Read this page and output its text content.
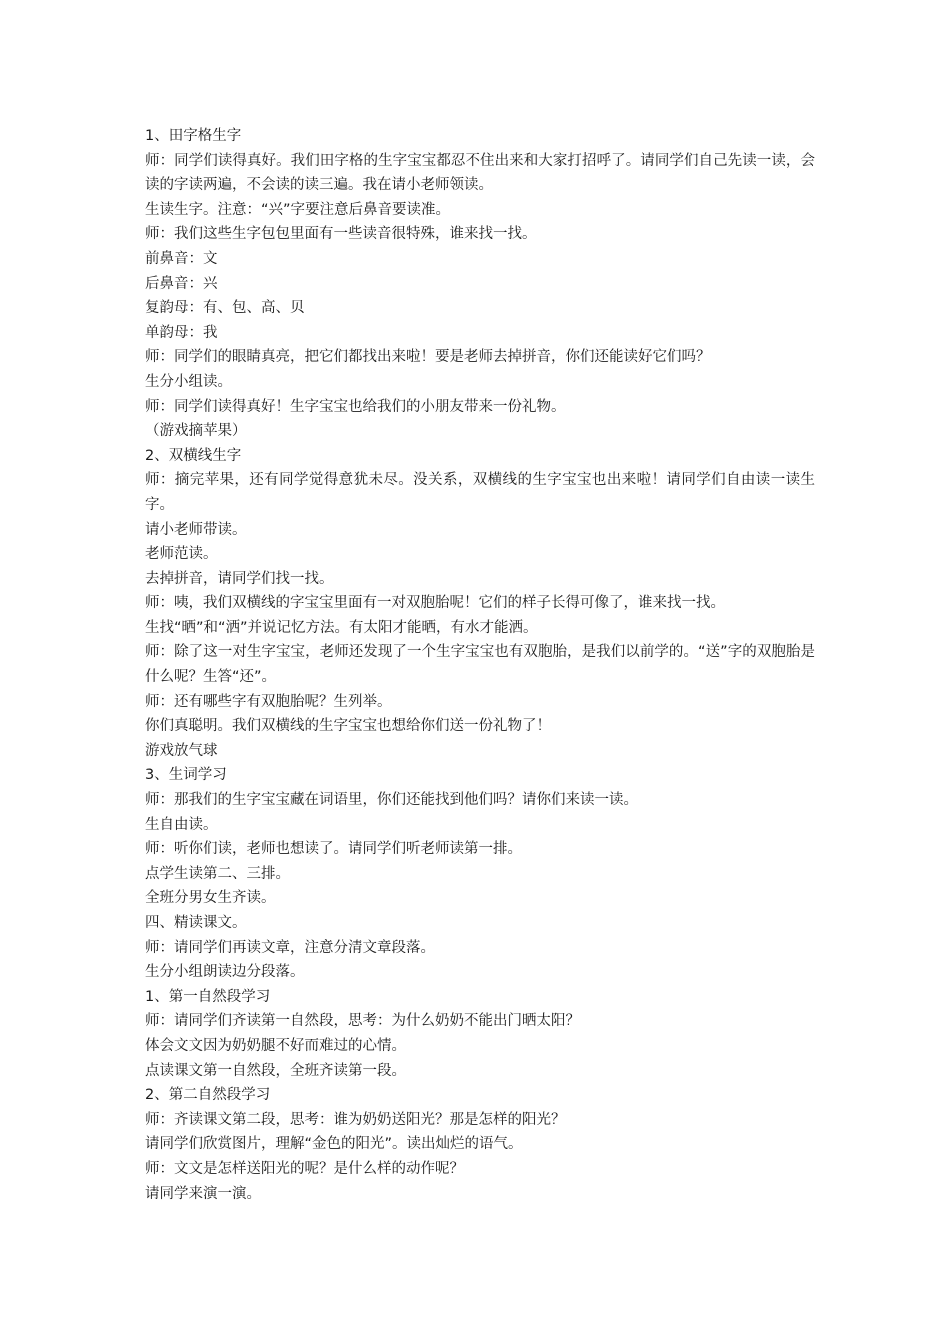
1、田字格生字

师：同学们读得真好。我们田字格的生字宝宝都忍不住出来和大家打招呼了。请同学们自己先读一读，会读的字读两遍，不会读的读三遍。我在请小老师领读。

生读生字。注意：“兴”字要注意后鼻音要读准。

师：我们这些生字包包里面有一些读音很特殊，谁来找一找。

前鼻音：文

后鼻音：兴

复韵母：有、包、高、贝

单韵母：我

师：同学们的眼睛真亮，把它们都找出来啦！要是老师去掉拼音，你们还能读好它们吗？

生分小组读。

师：同学们读得真好！生字宝宝也给我们的小朋友带来一份礼物。

（游戏摘苹果）

2、双横线生字

师：摘完苹果，还有同学觉得意犹未尽。没关系，双横线的生字宝宝也出来啦！请同学们自由读一读生字。

请小老师带读。

老师范读。

去掉拼音，请同学们找一找。

师：咦，我们双横线的字宝宝里面有一对双胞胎呢！它们的样子长得可像了，谁来找一找。

生找“晒”和“洒”并说记忆方法。有太阳才能晒，有水才能洒。

师：除了这一对生字宝宝，老师还发现了一个生字宝宝也有双胞胎，是我们以前学的。“送”字的双胞胎是什么呢？生答“还”。

师：还有哪些字有双胞胎呢？生列举。

你们真聪明。我们双横线的生字宝宝也想给你们送一份礼物了！

游戏放气球

3、生词学习

师：那我们的生字宝宝藏在词语里，你们还能找到他们吗？请你们来读一读。

生自由读。

师：听你们读，老师也想读了。请同学们听老师读第一排。

点学生读第二、三排。

全班分男女生齐读。

四、精读课文。

师：请同学们再读文章，注意分清文章段落。

生分小组朗读边分段落。

1、第一自然段学习

师：请同学们齐读第一自然段，思考：为什么奶奶不能出门晒太阳？

体会文文因为奶奶腿不好而难过的心情。

点读课文第一自然段，全班齐读第一段。

2、第二自然段学习

师：齐读课文第二段，思考：谁为奶奶送阳光？那是怎样的阳光？

请同学们欣赏图片，理解“金色的阳光”。读出灿烂的语气。

师：文文是怎样送阳光的呢？是什么样的动作呢？

请同学来演一演。
